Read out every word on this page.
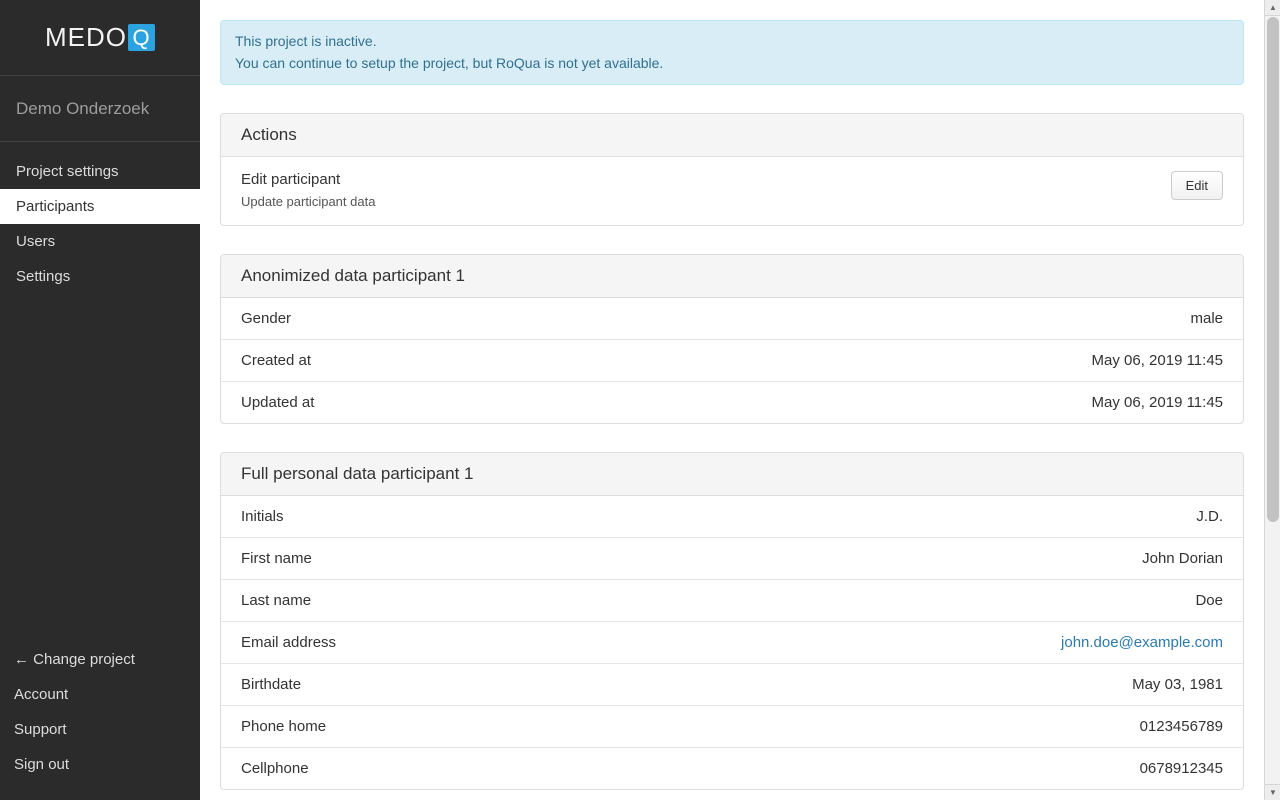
MEDO Q
Demo Onderzoek
Project settings
Participants
Users
Settings
← Change project
Account
Support
Sign out
This project is inactive.
You can continue to setup the project, but RoQua is not yet available.
Actions
Edit participant
Update participant data
Edit
Anonimized data participant 1
Gender	male
Created at	May 06, 2019 11:45
Updated at	May 06, 2019 11:45
Full personal data participant 1
Initials	J.D.
First name	John Dorian
Last name	Doe
Email address	john.doe@example.com
Birthdate	May 03, 1981
Phone home	0123456789
Cellphone	0678912345
▲
▼
